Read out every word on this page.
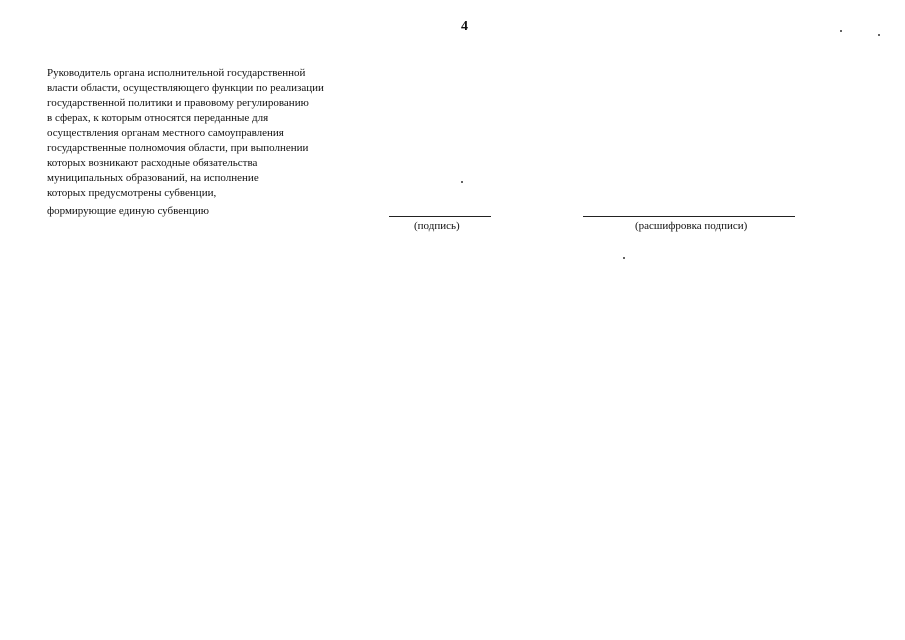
4
Руководитель органа исполнительной государственной
власти области, осуществляющего функции по реализации
государственной политики и правовому регулированию
в сферах, к которым относятся переданные для
осуществления органам местного самоуправления
государственные полномочия области, при выполнении
которых возникают расходные обязательства
муниципальных образований, на исполнение
которых предусмотрены субвенции,
формирующие единую субвенцию
(подпись)	(расшифровка подписи)
